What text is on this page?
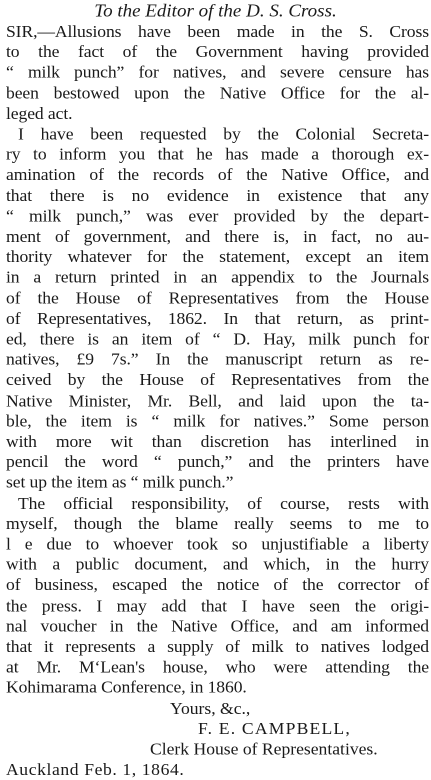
To the Editor of the D. S. Cross.
SIR,—Allusions have been made in the S. Cross
to the fact of the Government having provided
“ milk punch” for natives, and severe censure has
been bestowed upon the Native Office for the al-
leged act.
I have been requested by the Colonial Secreta-
ry to inform you that he has made a thorough ex-
amination of the records of the Native Office, and
that there is no evidence in existence that any
“ milk punch,” was ever provided by the depart-
ment of government, and there is, in fact, no au-
thority whatever for the statement, except an item
in a return printed in an appendix to the Journals
of the House of Representatives from the House
of Representatives, 1862. In that return, as print-
ed, there is an item of “ D. Hay, milk punch for
natives, £9 7s.” In the manuscript return as re-
ceived by the House of Representatives from the
Native Minister, Mr. Bell, and laid upon the ta-
ble, the item is “ milk for natives.” Some person
with more wit than discretion has interlined in
pencil the word “ punch,” and the printers have
set up the item as “ milk punch.”
The official responsibility, of course, rests with
myself, though the blame really seems to me to
l e due to whoever took so unjustifiable a liberty
with a public document, and which, in the hurry
of business, escaped the notice of the corrector of
the press. I may add that I have seen the origi-
nal voucher in the Native Office, and am informed
that it represents a supply of milk to natives lodged
at Mr. M‘Lean's house, who were attending the
Kohimarama Conference, in 1860.
Yours, &c.,
F. E. CAMPBELL,
Clerk House of Representatives.
Auckland Feb. 1, 1864.
